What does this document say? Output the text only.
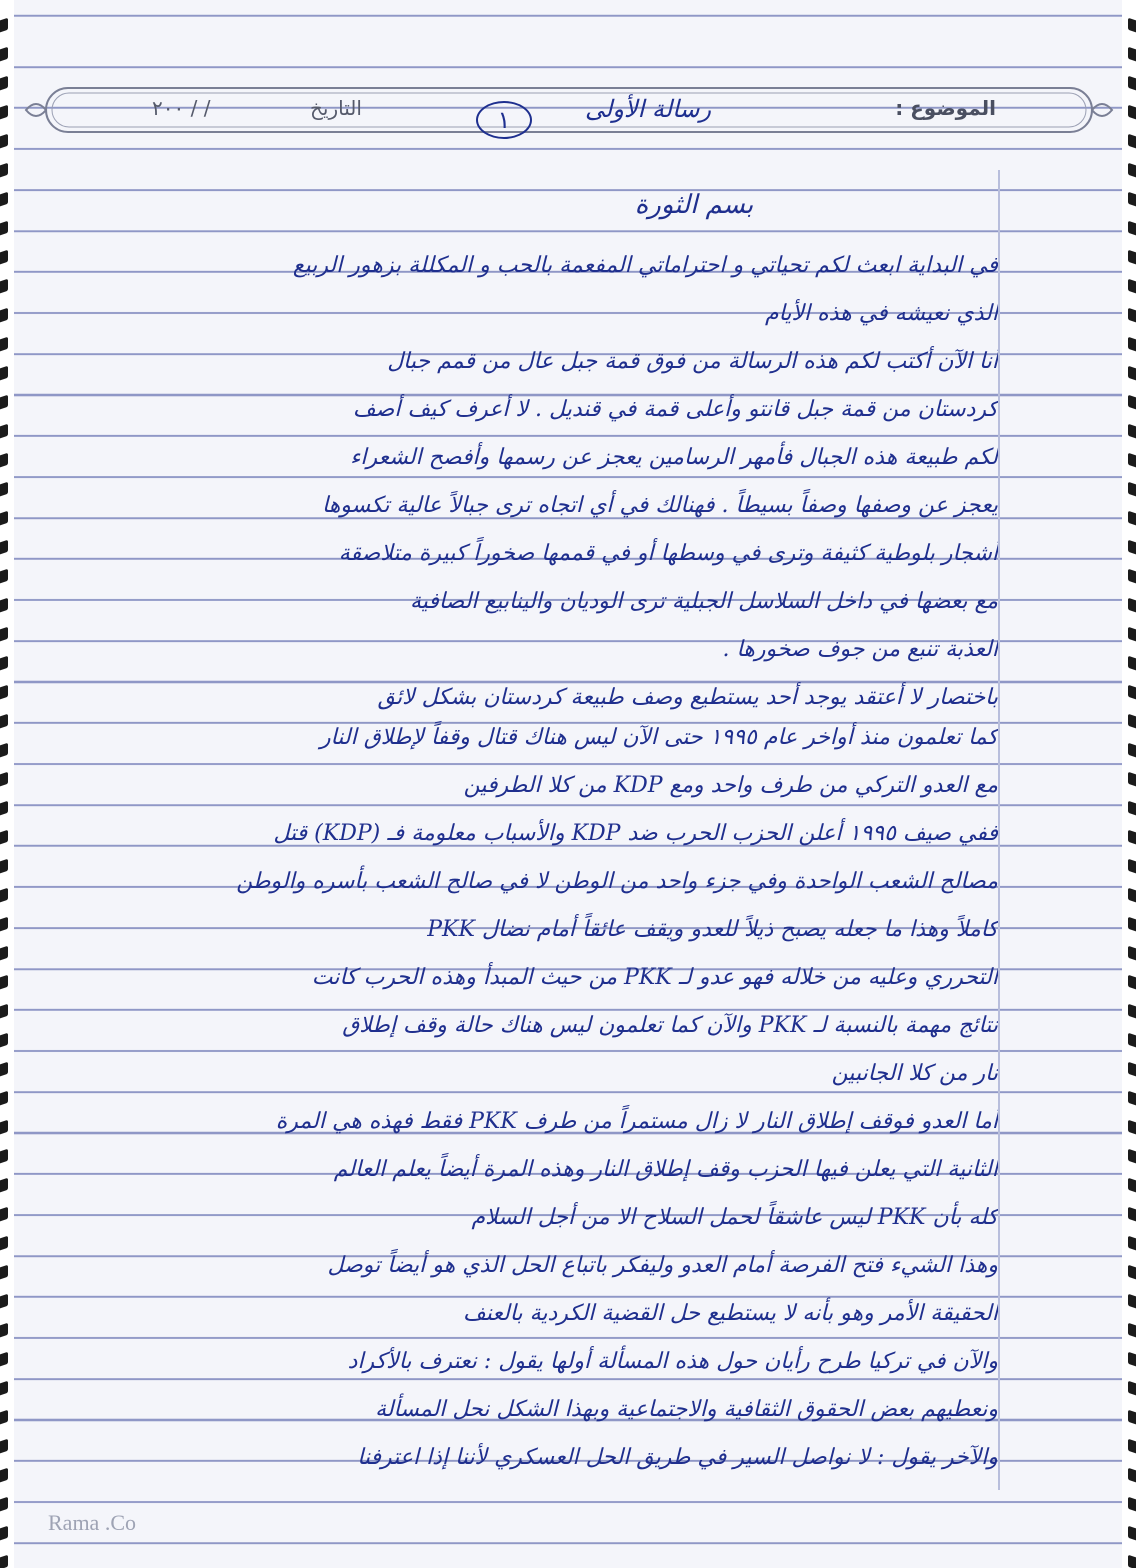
الموضوع :
رسالة الأولى
١
التاريخ
/ / ٢٠٠
بسم الثورة
في البداية ابعث لكم تحياتي و احتراماتي المفعمة بالحب و المكللة بزهور الربيع
الذي نعيشه في هذه الأيام
أنا الآن أكتب لكم هذه الرسالة من فوق قمة جبل عال من قمم جبال
كردستان من قمة جبل قانتو وأعلى قمة في قنديل . لا أعرف كيف أصف
لكم طبيعة هذه الجبال فأمهر الرسامين يعجز عن رسمها وأفصح الشعراء
يعجز عن وصفها وصفاً بسيطاً . فهنالك في أي اتجاه ترى جبالاً عالية تكسوها
أشجار بلوطية كثيفة وترى في وسطها أو في قممها صخوراً كبيرة متلاصقة
مع بعضها في داخل السلاسل الجبلية ترى الوديان والينابيع الصافية
العذبة تنبع من جوف صخورها .
باختصار لا أعتقد يوجد أحد يستطيع وصف طبيعة كردستان بشكل لائق
كما تعلمون منذ أواخر عام ١٩٩٥ حتى الآن ليس هناك قتال وقفاً لإطلاق النار
مع العدو التركي من طرف واحد ومع KDP من كلا الطرفين
ففي صيف ١٩٩٥ أعلن الحزب الحرب ضد KDP والأسباب معلومة فـ (KDP) قتل
مصالح الشعب الواحدة وفي جزء واحد من الوطن لا في صالح الشعب بأسره والوطن
كاملاً وهذا ما جعله يصبح ذيلاً للعدو ويقف عائقاً أمام نضال PKK
التحرري وعليه من خلاله فهو عدو لـ PKK من حيث المبدأ وهذه الحرب كانت
نتائج مهمة بالنسبة لـ PKK والآن كما تعلمون ليس هناك حالة وقف إطلاق
نار من كلا الجانبين
أما العدو فوقف إطلاق النار لا زال مستمراً من طرف PKK فقط فهذه هي المرة
الثانية التي يعلن فيها الحزب وقف إطلاق النار وهذه المرة أيضاً يعلم العالم
كله بأن PKK ليس عاشقاً لحمل السلاح الا من أجل السلام
وهذا الشيء فتح الفرصة أمام العدو وليفكر باتباع الحل الذي هو أيضاً توصل
الحقيقة الأمر وهو بأنه لا يستطيع حل القضية الكردية بالعنف
والآن في تركيا طرح رأيان حول هذه المسألة أولها يقول : نعترف بالأكراد
ونعطيهم بعض الحقوق الثقافية والاجتماعية وبهذا الشكل نحل المسألة
والآخر يقول : لا نواصل السير في طريق الحل العسكري لأننا إذا اعترفنا
Rama .Co
